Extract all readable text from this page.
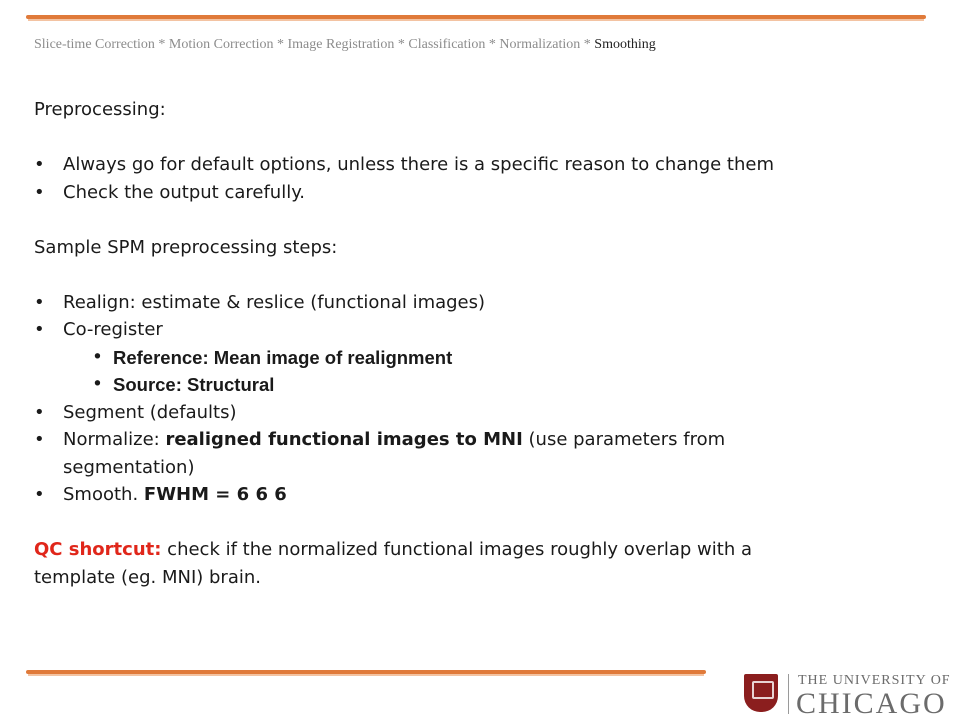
Slice-time Correction * Motion Correction * Image Registration * Classification * Normalization * Smoothing

Preprocessing:

• Always go for default options, unless there is a specific reason to change them

• Check the output carefully.

Sample SPM preprocessing steps:

• Realign: estimate & reslice (functional images)

• Co-register

• Reference: Mean image of realignment

• Source: Structural

• Segment (defaults)

• Normalize: realigned functional images to MNI (use parameters from segmentation)

• Smooth. FWHM = 6 6 6

QC shortcut: check if the normalized functional images roughly overlap with a template (eg. MNI) brain.

THE UNIVERSITY OF
CHICAGO
